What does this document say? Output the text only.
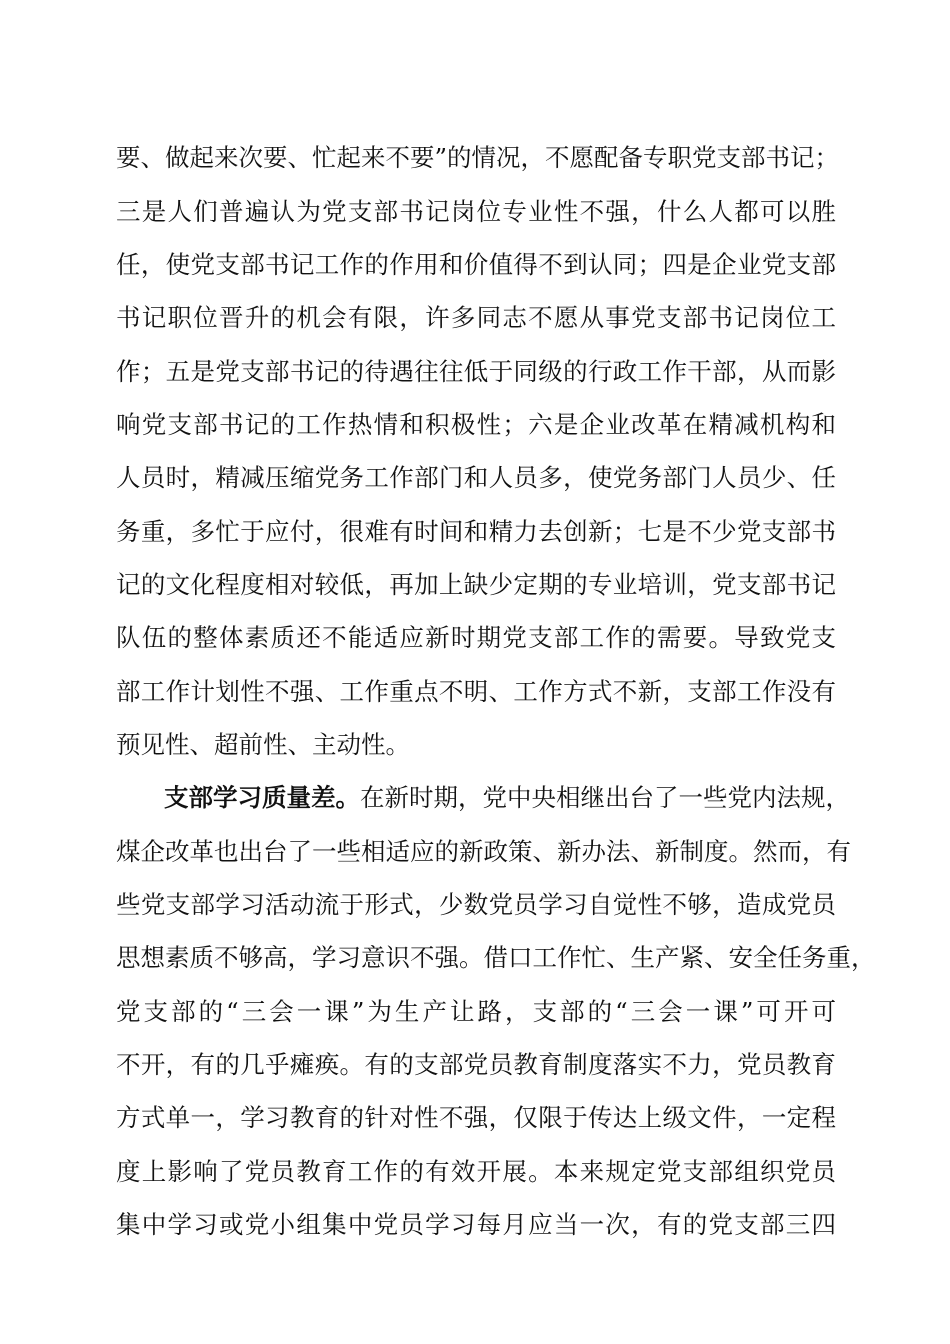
要、做起来次要、忙起来不要”的情况，不愿配备专职党支部书记；
三是人们普遍认为党支部书记岗位专业性不强，什么人都可以胜
任，使党支部书记工作的作用和价值得不到认同；四是企业党支部
书记职位晋升的机会有限，许多同志不愿从事党支部书记岗位工
作；五是党支部书记的待遇往往低于同级的行政工作干部，从而影
响党支部书记的工作热情和积极性；六是企业改革在精减机构和
人员时，精减压缩党务工作部门和人员多，使党务部门人员少、任
务重，多忙于应付，很难有时间和精力去创新；七是不少党支部书
记的文化程度相对较低，再加上缺少定期的专业培训，党支部书记
队伍的整体素质还不能适应新时期党支部工作的需要。导致党支
部工作计划性不强、工作重点不明、工作方式不新，支部工作没有
预见性、超前性、主动性。
支部学习质量差。在新时期，党中央相继出台了一些党内法规，
煤企改革也出台了一些相适应的新政策、新办法、新制度。然而，有
些党支部学习活动流于形式，少数党员学习自觉性不够，造成党员
思想素质不够高，学习意识不强。借口工作忙、生产紧、安全任务重，
党支部的“三会一课”为生产让路，支部的“三会一课”可开可
不开，有的几乎瘫痪。有的支部党员教育制度落实不力，党员教育
方式单一，学习教育的针对性不强，仅限于传达上级文件，一定程
度上影响了党员教育工作的有效开展。本来规定党支部组织党员
集中学习或党小组集中党员学习每月应当一次，有的党支部三四
